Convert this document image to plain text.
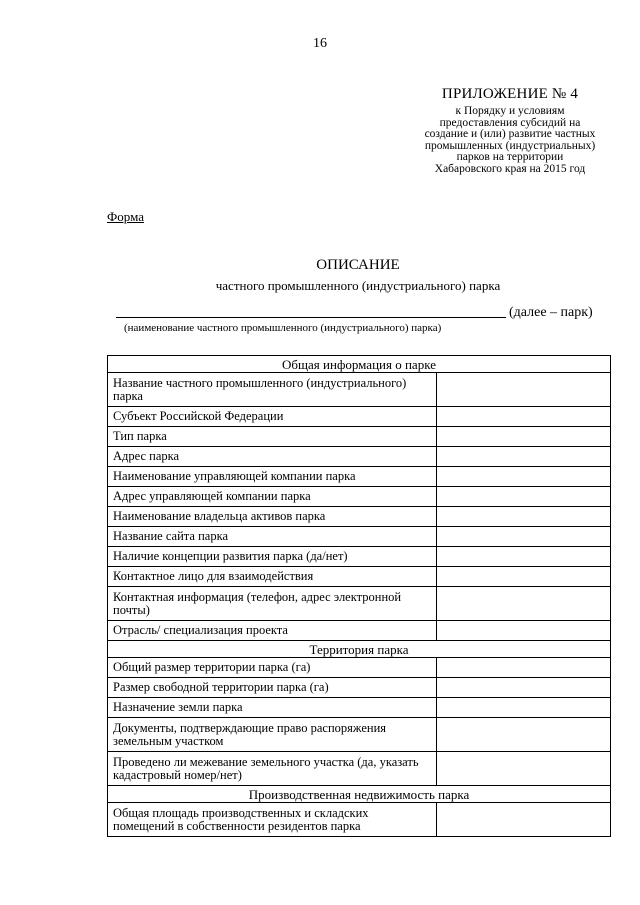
16
ПРИЛОЖЕНИЕ № 4
к Порядку и условиям
предоставления субсидий на
создание и (или) развитие частных
промышленных (индустриальных)
парков на территории
Хабаровского края на 2015 год
Форма
ОПИСАНИЕ
частного промышленного (индустриального) парка
(далее – парк)
(наименование частного промышленного (индустриального) парка)
Общая информация о парке	
Название частного промышленного (индустриального) парка	
Субъект Российской Федерации	
Тип парка	
Адрес парка	
Наименование управляющей компании парка	
Адрес управляющей компании парка	
Наименование владельца активов парка	
Название сайта парка	
Наличие концепции развития парка (да/нет)	
Контактное лицо для взаимодействия	
Контактная информация (телефон, адрес электронной почты)	
Отрасль/ специализация проекта	
Территория парка	
Общий размер территории парка (га)	
Размер свободной территории парка (га)	
Назначение земли парка	
Документы, подтверждающие право распоряжения земельным участком	
Проведено ли межевание земельного участка (да, указать кадастровый номер/нет)	
Производственная недвижимость парка	
Общая площадь производственных и складских помещений в собственности резидентов парка	
